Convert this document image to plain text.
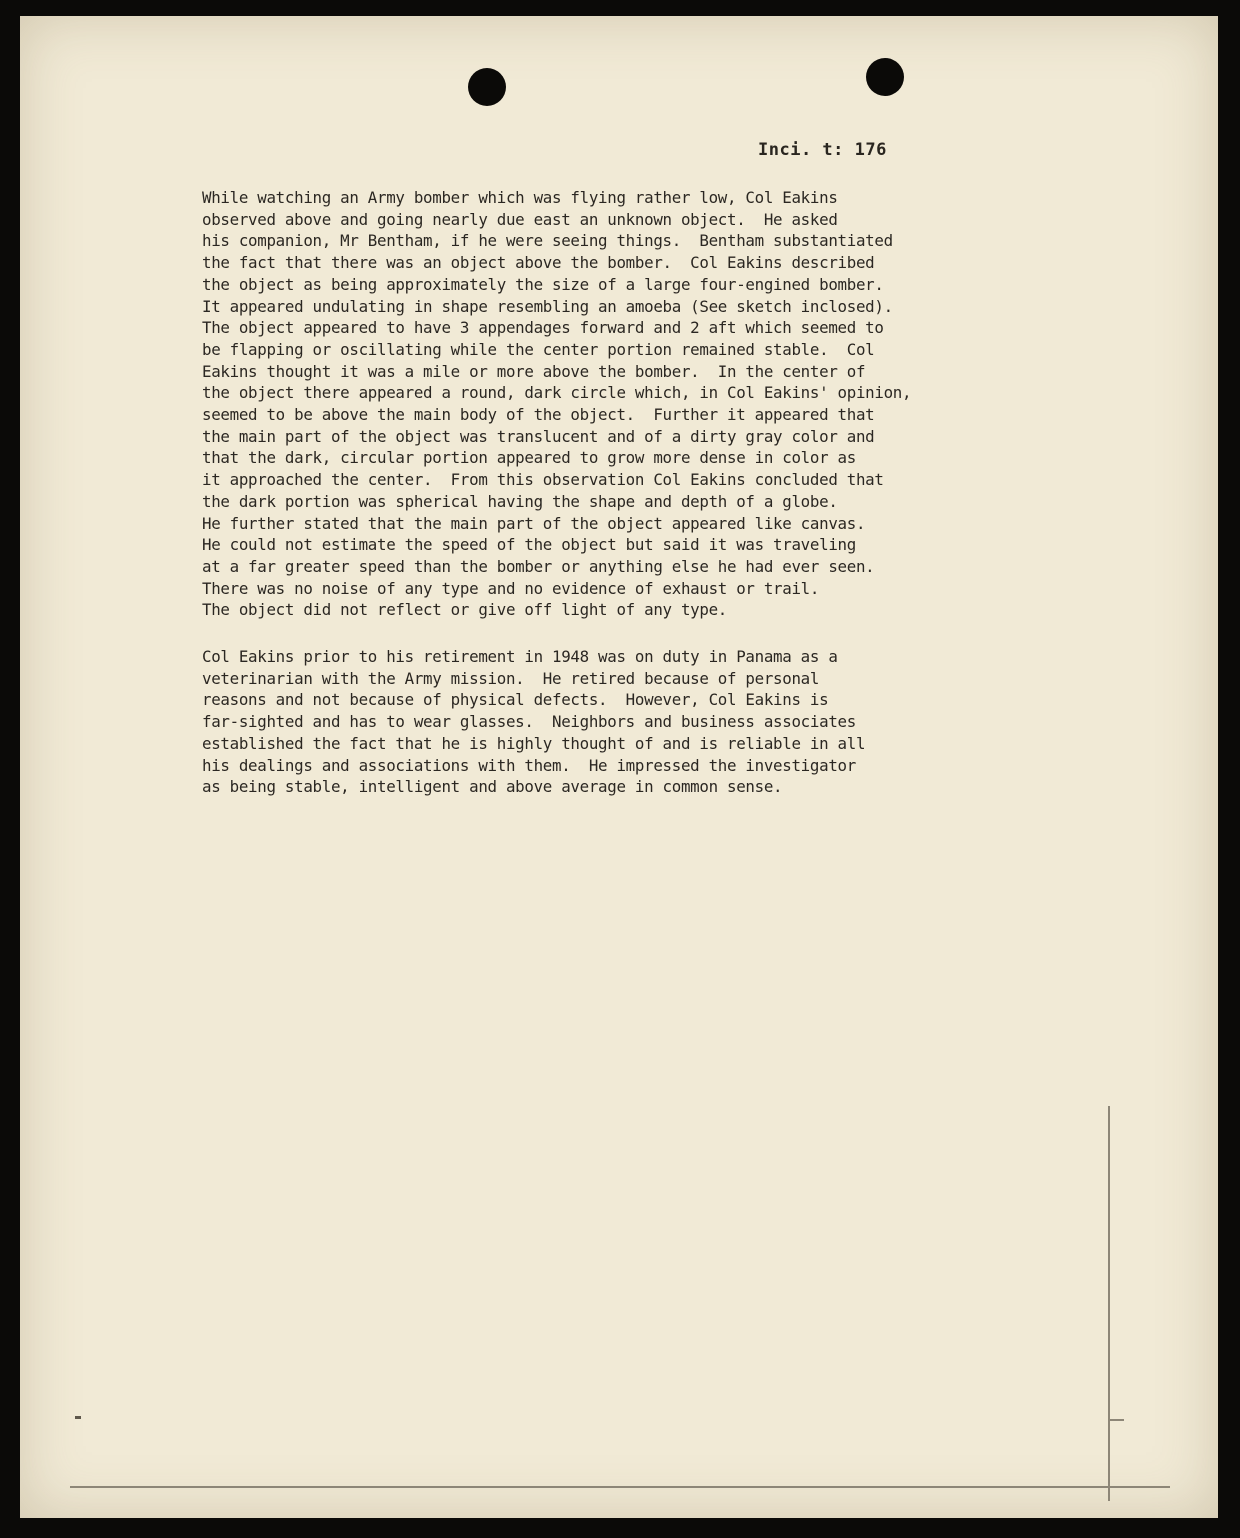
Inci. t: 176
While watching an Army bomber which was flying rather low, Col Eakins
observed above and going nearly due east an unknown object.  He asked
his companion, Mr Bentham, if he were seeing things.  Bentham substantiated
the fact that there was an object above the bomber.  Col Eakins described
the object as being approximately the size of a large four-engined bomber.
It appeared undulating in shape resembling an amoeba (See sketch inclosed).
The object appeared to have 3 appendages forward and 2 aft which seemed to
be flapping or oscillating while the center portion remained stable.  Col
Eakins thought it was a mile or more above the bomber.  In the center of
the object there appeared a round, dark circle which, in Col Eakins' opinion,
seemed to be above the main body of the object.  Further it appeared that
the main part of the object was translucent and of a dirty gray color and
that the dark, circular portion appeared to grow more dense in color as
it approached the center.  From this observation Col Eakins concluded that
the dark portion was spherical having the shape and depth of a globe.
He further stated that the main part of the object appeared like canvas.
He could not estimate the speed of the object but said it was traveling
at a far greater speed than the bomber or anything else he had ever seen.
There was no noise of any type and no evidence of exhaust or trail.
The object did not reflect or give off light of any type.
Col Eakins prior to his retirement in 1948 was on duty in Panama as a
veterinarian with the Army mission.  He retired because of personal
reasons and not because of physical defects.  However, Col Eakins is
far-sighted and has to wear glasses.  Neighbors and business associates
established the fact that he is highly thought of and is reliable in all
his dealings and associations with them.  He impressed the investigator
as being stable, intelligent and above average in common sense.
